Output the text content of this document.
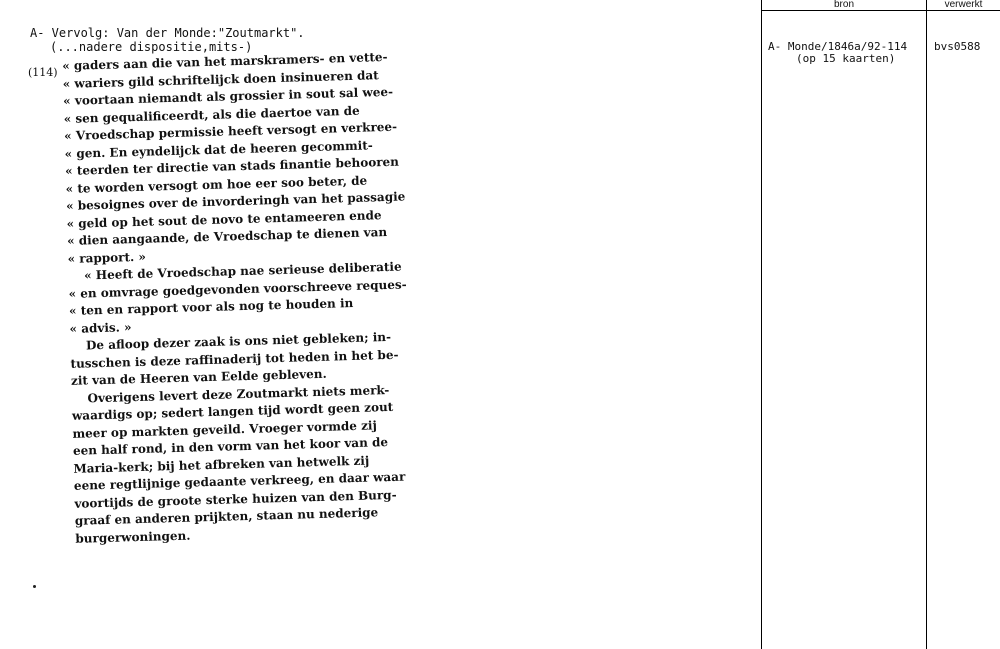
A- Vervolg: Van der Monde:"Zoutmarkt".
(...nadere dispositie,mits-)
(114) « gaders aan die van het marskramers- en vette-
« wariers gild schriftelijck doen insinueren dat
« voortaan niemandt als grossier in sout sal wee-
« sen gequalificeerdt, als die daertoe van de
« Vroedschap permissie heeft versogt en verkree-
« gen. En eyndelijck dat de heeren gecommit-
« teerden ter directie van stads finantie behooren
« te worden versogt om hoe eer soo beter, de
« besoignes over de invorderingh van het passagie
« geld op het sout de novo te entameeren ende
« dien aangaande, de Vroedschap te dienen van
« rapport. »
« Heeft de Vroedschap nae serieuse deliberatie
« en omvrage goedgevonden voorschreeve reques-
« ten en rapport voor als nog te houden in
« advis. »
De afloop dezer zaak is ons niet gebleken; in-
tusschen is deze raffinaderij tot heden in het be-
zit van de Heeren van Eelde gebleven.
Overigens levert deze Zoutmarkt niets merk-
waardigs op; sedert langen tijd wordt geen zout
meer op markten geveild. Vroeger vormde zij
een half rond, in den vorm van het koor van de
Maria-kerk; bij het afbreken van hetwelk zij
eene regtlijnige gedaante verkreeg, en daar waar
voortijds de groote sterke huizen van den Burg-
graaf en anderen prijkten, staan nu nederige
burgerwoningen.
bron	verwerkt
A- Monde/1846a/92-114
(op 15 kaarten)
bvs0588
